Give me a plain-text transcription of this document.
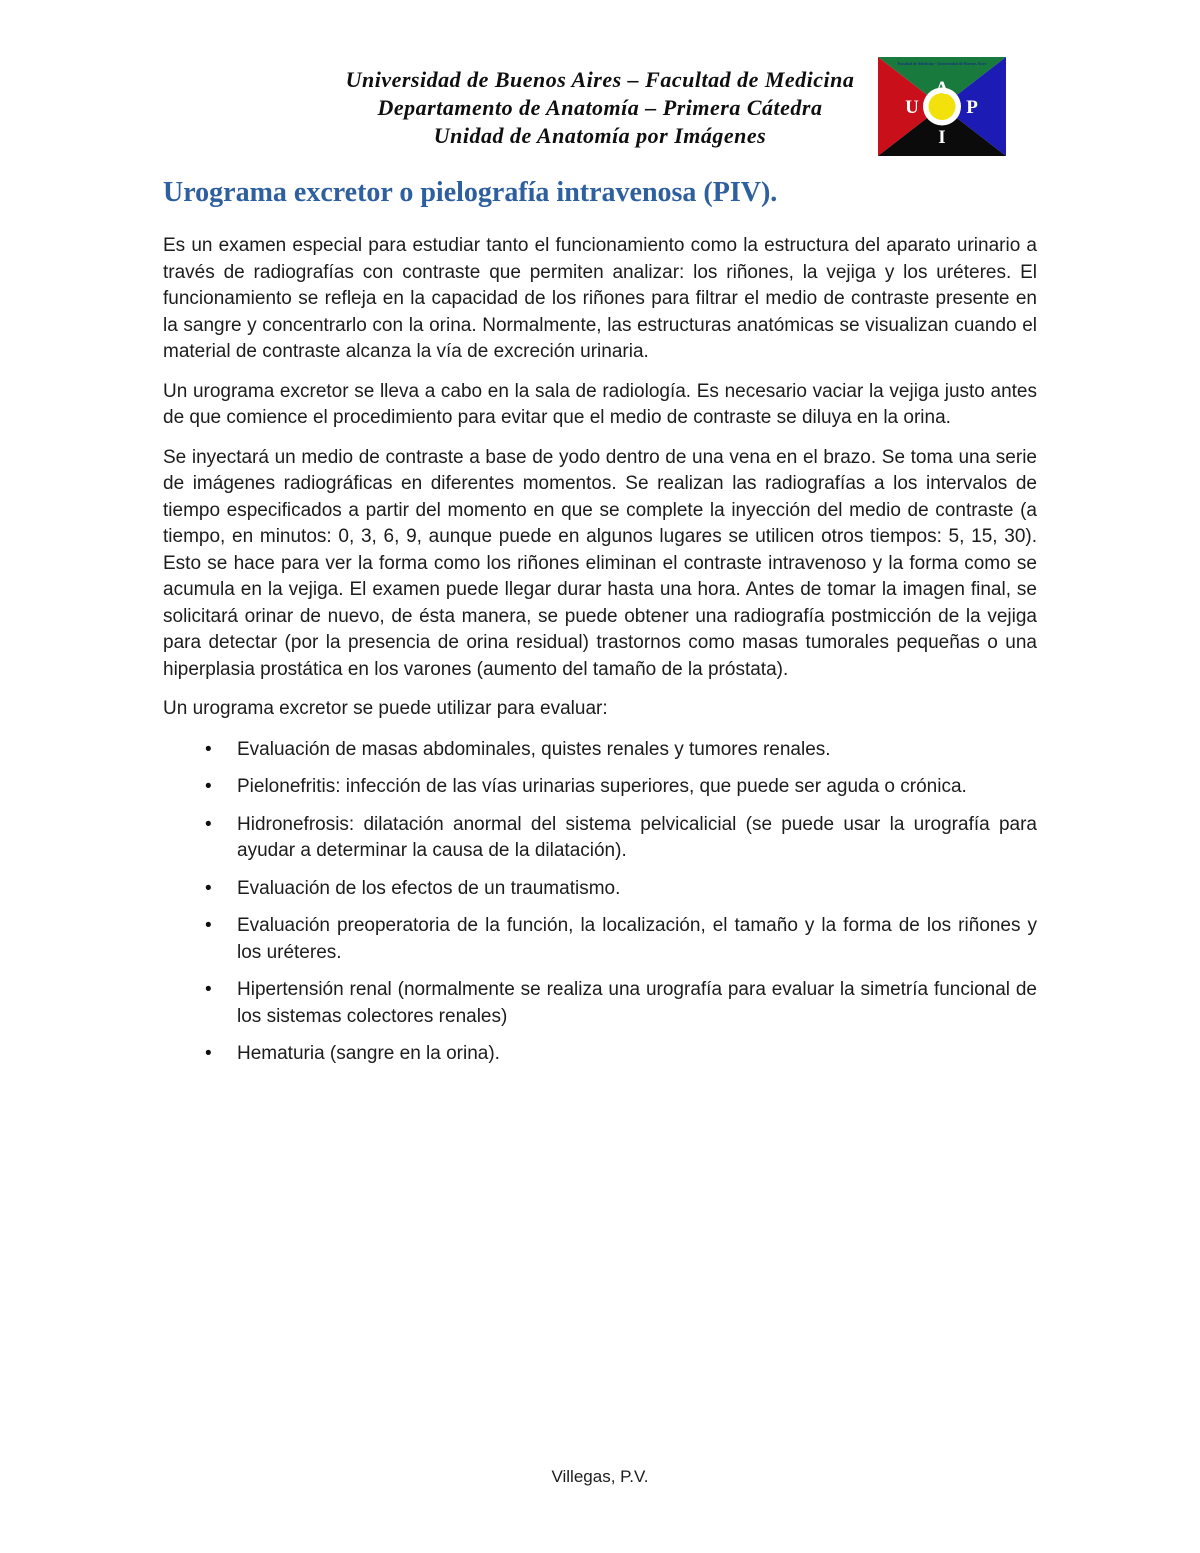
Universidad de Buenos Aires – Facultad de Medicina
Departamento de Anatomía – Primera Cátedra
Unidad de Anatomía por Imágenes
Facultad de Medicina - Universidad de Buenos Aires
A
U P
I
Urograma excretor o pielografía intravenosa (PIV).

Es un examen especial para estudiar tanto el funcionamiento como la estructura del aparato urinario a través de radiografías con contraste que permiten analizar: los riñones, la vejiga y los uréteres. El funcionamiento se refleja en la capacidad de los riñones para filtrar el medio de contraste presente en la sangre y concentrarlo con la orina. Normalmente, las estructuras anatómicas se visualizan cuando el material de contraste alcanza la vía de excreción urinaria.

Un urograma excretor se lleva a cabo en la sala de radiología. Es necesario vaciar la vejiga justo antes de que comience el procedimiento para evitar que el medio de contraste se diluya en la orina.

Se inyectará un medio de contraste a base de yodo dentro de una vena en el brazo. Se toma una serie de imágenes radiográficas en diferentes momentos. Se realizan las radiografías a los intervalos de tiempo especificados a partir del momento en que se complete la inyección del medio de contraste (a tiempo, en minutos: 0, 3, 6, 9, aunque puede en algunos lugares se utilicen otros tiempos: 5, 15, 30). Esto se hace para ver la forma como los riñones eliminan el contraste intravenoso y la forma como se acumula en la vejiga. El examen puede llegar durar hasta una hora. Antes de tomar la imagen final, se solicitará orinar de nuevo, de ésta manera, se puede obtener una radiografía postmicción de la vejiga para detectar (por la presencia de orina residual) trastornos como masas tumorales pequeñas o una hiperplasia prostática en los varones (aumento del tamaño de la próstata).

Un urograma excretor se puede utilizar para evaluar:

• Evaluación de masas abdominales, quistes renales y tumores renales.
• Pielonefritis: infección de las vías urinarias superiores, que puede ser aguda o crónica.
• Hidronefrosis: dilatación anormal del sistema pelvicalicial (se puede usar la urografía para ayudar a determinar la causa de la dilatación).
• Evaluación de los efectos de un traumatismo.
• Evaluación preoperatoria de la función, la localización, el tamaño y la forma de los riñones y los uréteres.
• Hipertensión renal (normalmente se realiza una urografía para evaluar la simetría funcional de los sistemas colectores renales)
• Hematuria (sangre en la orina).
Villegas, P.V.
